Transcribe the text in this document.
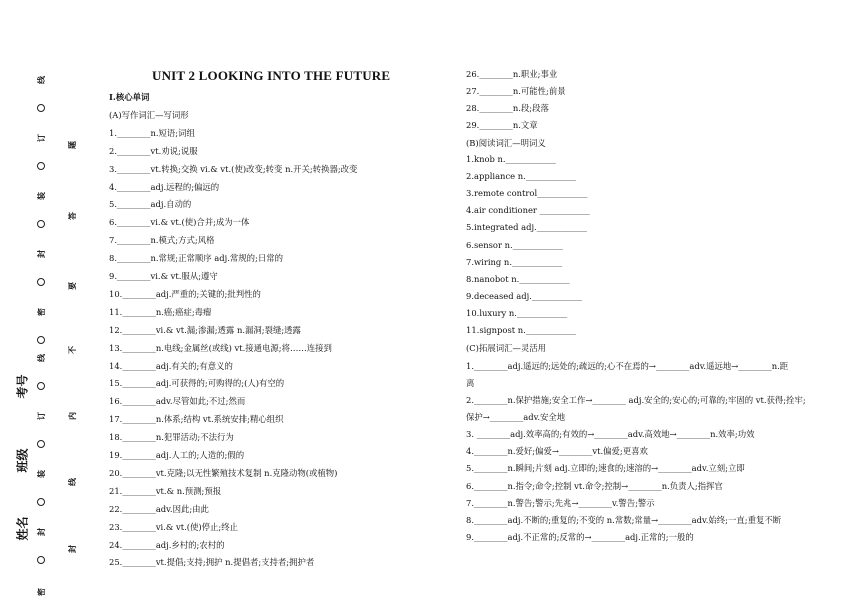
线
订
装
封
密
线
订
装
封
密
题
答
要
不
内
线
封
考号
班级
姓名
UNIT 2 LOOKING INTO THE FUTURE
Ⅰ.核心单词
(A)写作词汇—写词形
1.________n.短语;词组
2.________vt.劝说;说服
3.________vt.转换;交换 vi.& vt.(使)改变;转变 n.开关;转换器;改变
4.________adj.远程的;偏远的
5.________adj.自动的
6.________vi.& vt.(使)合并;成为一体
7.________n.模式;方式;风格
8.________n.常规;正常顺序 adj.常规的;日常的
9.________vi.& vt.服从;遵守
10.________adj.严重的;关键的;批判性的
11.________n.癌;癌症;毒瘤
12.________vi.& vt.漏;渗漏;透露 n.漏洞;裂缝;透露
13.________n.电线;金属丝(或线) vt.接通电源;将……连接到
14.________adj.有关的;有意义的
15.________adj.可获得的;可购得的;(人)有空的
16.________adv.尽管如此;不过;然而
17.________n.体系;结构 vt.系统安排;精心组织
18.________n.犯罪活动;不法行为
19.________adj.人工的;人造的;假的
20.________vt.克隆;以无性繁殖技术复制 n.克隆动物(或植物)
21.________vt.& n.预测;预报
22.________adv.因此;由此
23.________vi.& vt.(使)停止;终止
24.________adj.乡村的;农村的
25.________vt.提倡;支持;拥护 n.提倡者;支持者;拥护者
26.________n.职业;事业
27.________n.可能性;前景
28.________n.段;段落
29.________n.文章
(B)阅读词汇—明词义
1.knob n.____________
2.appliance n.____________
3.remote control____________
4.air conditioner ____________
5.integrated adj.____________
6.sensor n.____________
7.wiring n.____________
8.nanobot n.____________
9.deceased adj.____________
10.luxury n.____________
11.signpost n.____________
(C)拓展词汇—灵活用
1.________adj.遥远的;远处的;疏远的;心不在焉的→________adv.遥远地→________n.距
离
2.________n.保护措施;安全工作→________ adj.安全的;安心的;可靠的;牢固的 vt.获得;拴牢;
保护→________adv.安全地
3. ________adj.效率高的;有效的→________adv.高效地→________n.效率;功效
4.________n.爱好;偏爱→________vt.偏爱;更喜欢
5.________n.瞬间;片刻 adj.立即的;速食的;速溶的→________adv.立刻;立即
6.________n.指令;命令;控制 vt.命令;控制→________n.负责人;指挥官
7.________n.警告;警示;先兆→________v.警告;警示
8.________adj.不断的;重复的;不变的 n.常数;常量→________adv.始终;一直;重复不断
9.________adj.不正常的;反常的→________adj.正常的;一般的
